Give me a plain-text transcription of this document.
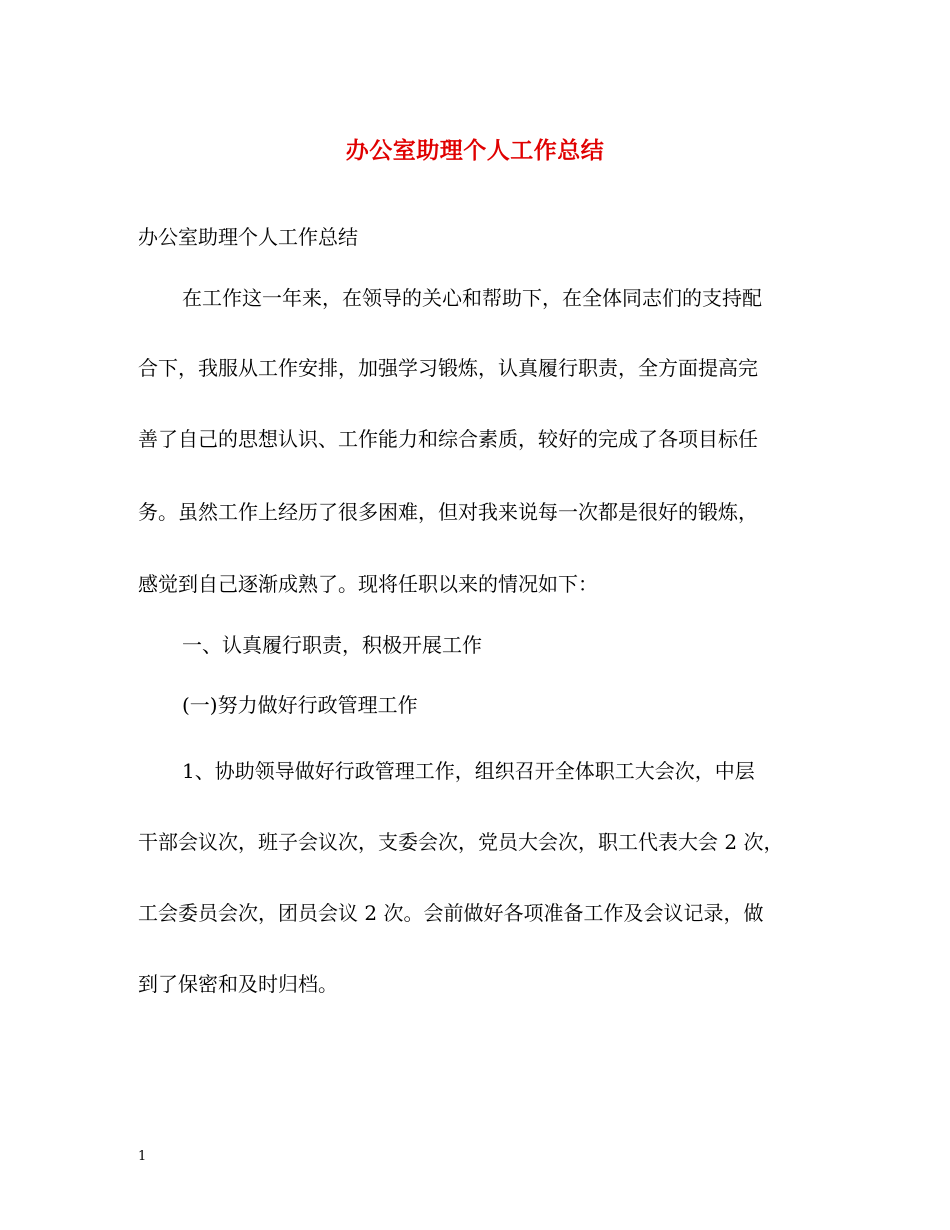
办公室助理个人工作总结
办公室助理个人工作总结
在工作这一年来，在领导的关心和帮助下，在全体同志们的支持配
合下，我服从工作安排，加强学习锻炼，认真履行职责，全方面提高完
善了自己的思想认识、工作能力和综合素质，较好的完成了各项目标任
务。虽然工作上经历了很多困难，但对我来说每一次都是很好的锻炼，
感觉到自己逐渐成熟了。现将任职以来的情况如下：
一、认真履行职责，积极开展工作
(一)努力做好行政管理工作
1、协助领导做好行政管理工作，组织召开全体职工大会次，中层
干部会议次，班子会议次，支委会次，党员大会次，职工代表大会 2 次，
工会委员会次，团员会议 2 次。会前做好各项准备工作及会议记录，做
到了保密和及时归档。
1
